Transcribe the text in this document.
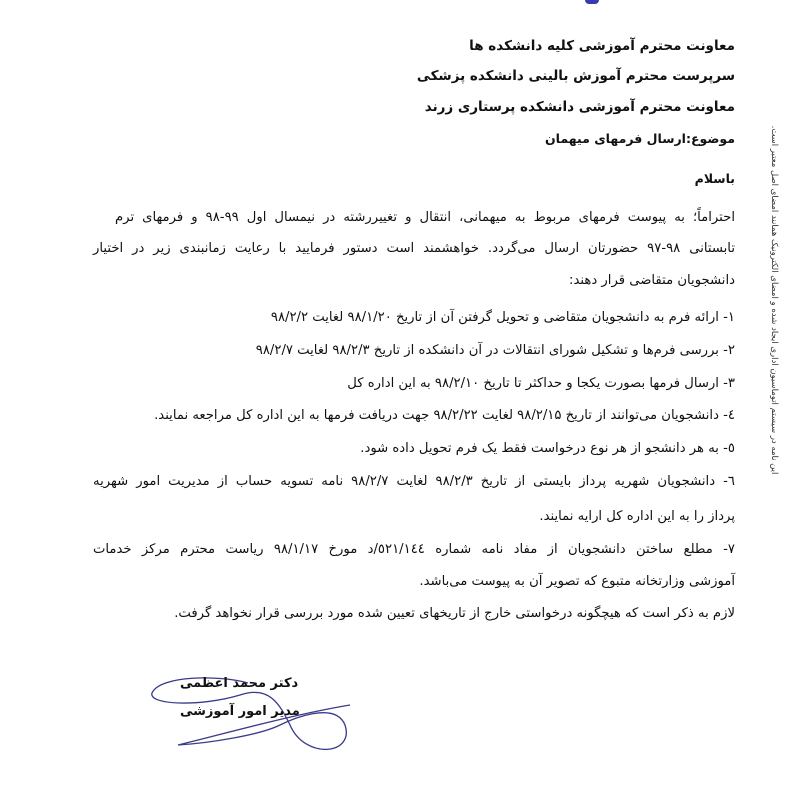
معاونت محترم آموزشی کلیه دانشکده ها
سرپرست محترم آموزش بالینی دانشکده پزشکی
معاونت محترم آموزشی دانشکده پرستاری زرند
موضوع:ارسال فرمهای میهمان
باسلام
احتراماً؛ به پیوست فرمهای مربوط به میهمانی، انتقال و تغییررشته در نیمسال اول ۹۹-۹۸ و فرمهای ترم
تابستانی ۹۸-۹۷ حضورتان ارسال می‌گردد. خواهشمند است دستور فرمایید با رعایت زمانبندی زیر در اختیار
دانشجویان متقاضی قرار دهند:
۱- ارائه فرم به دانشجویان متقاضی و تحویل گرفتن آن از تاریخ ۹۸/۱/۲۰ لغایت ۹۸/۲/۲
۲- بررسی فرم‌ها و تشکیل شورای انتقالات در آن دانشکده از تاریخ ۹۸/۲/۳ لغایت ۹۸/۲/۷
۳- ارسال فرمها بصورت یکجا و حداکثر تا تاریخ ۹۸/۲/۱۰ به این اداره کل
٤- دانشجویان می‌توانند از تاریخ ۹۸/۲/۱۵ لغایت ۹۸/۲/۲۲ جهت دریافت فرمها به این اداره کل مراجعه نمایند.
٥- به هر دانشجو از هر نوع درخواست فقط یک فرم تحویل داده شود.
٦- دانشجویان شهریه پرداز بایستی از تاریخ ۹۸/۲/۳ لغایت ۹۸/۲/۷ نامه تسویه حساب از مدیریت امور شهریه
پرداز را به این اداره کل ارایه نمایند.
۷- مطلع ساختن دانشجویان از مفاد نامه شماره ٥۲۱/۱٤٤/د مورخ ۹۸/۱/۱۷ ریاست محترم مرکز خدمات
آموزشی وزارتخانه متبوع که تصویر آن به پیوست می‌باشد.
لازم به ذکر است که هیچگونه درخواستی خارج از تاریخهای تعیین شده مورد بررسی قرار نخواهد گرفت.
دکتر محمد اعظمی
مدیر امور آموزشی
این نامه در سیستم اتوماسیون اداری ایجاد شده و امضای الکترونیک همانند امضای اصل معتبر است.
